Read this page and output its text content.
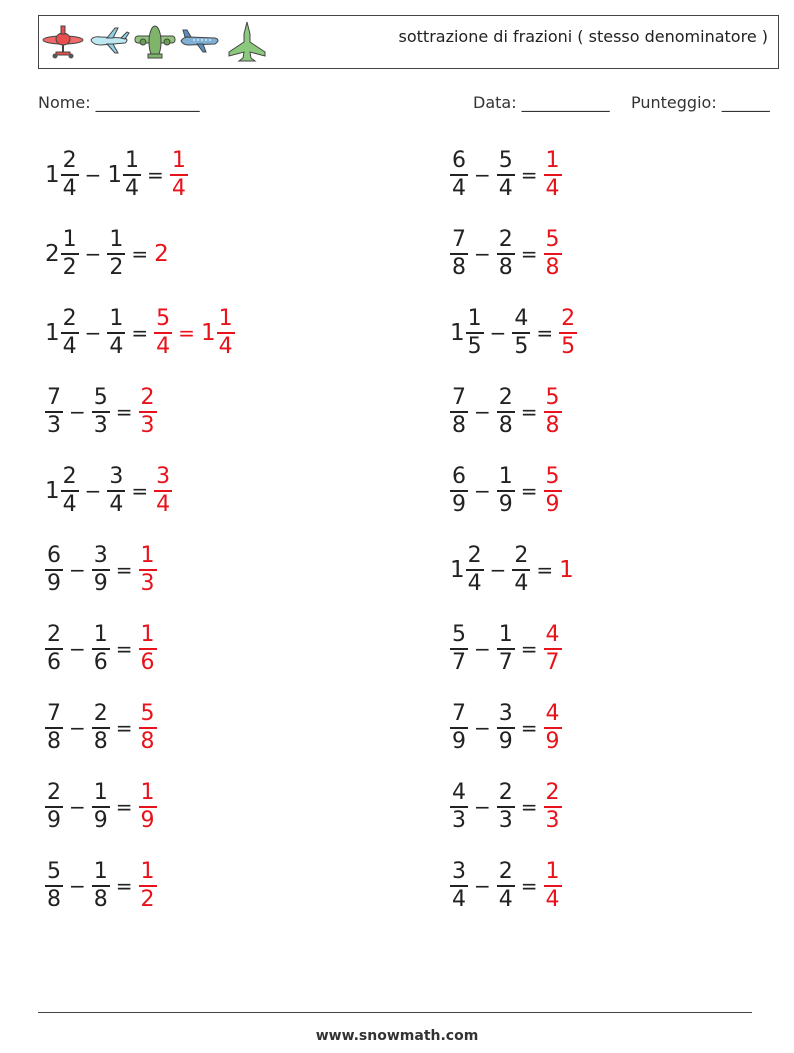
sottrazione di frazioni ( stesso denominatore )
Nome: _____________	Data: ___________ Punteggio: ______
$1 \frac{2}{4} - 1 \frac{1}{4} = \frac{1}{4}$	$\frac{6}{4} - \frac{5}{4} = \frac{1}{4}$
$2 \frac{1}{2} - \frac{1}{2} = 2$	$\frac{7}{8} - \frac{2}{8} = \frac{5}{8}$
$1 \frac{2}{4} - \frac{1}{4} = \frac{5}{4} = 1 \frac{1}{4}$	$1 \frac{1}{5} - \frac{4}{5} = \frac{2}{5}$
$\frac{7}{3} - \frac{5}{3} = \frac{2}{3}$	$\frac{7}{8} - \frac{2}{8} = \frac{5}{8}$
$1 \frac{2}{4} - \frac{3}{4} = \frac{3}{4}$	$\frac{6}{9} - \frac{1}{9} = \frac{5}{9}$
$\frac{6}{9} - \frac{3}{9} = \frac{1}{3}$	$1 \frac{2}{4} - \frac{2}{4} = 1$
$\frac{2}{6} - \frac{1}{6} = \frac{1}{6}$	$\frac{5}{7} - \frac{1}{7} = \frac{4}{7}$
$\frac{7}{8} - \frac{2}{8} = \frac{5}{8}$	$\frac{7}{9} - \frac{3}{9} = \frac{4}{9}$
$\frac{2}{9} - \frac{1}{9} = \frac{1}{9}$	$\frac{4}{3} - \frac{2}{3} = \frac{2}{3}$
$\frac{5}{8} - \frac{1}{8} = \frac{1}{2}$	$\frac{3}{4} - \frac{2}{4} = \frac{1}{4}$
www.snowmath.com
